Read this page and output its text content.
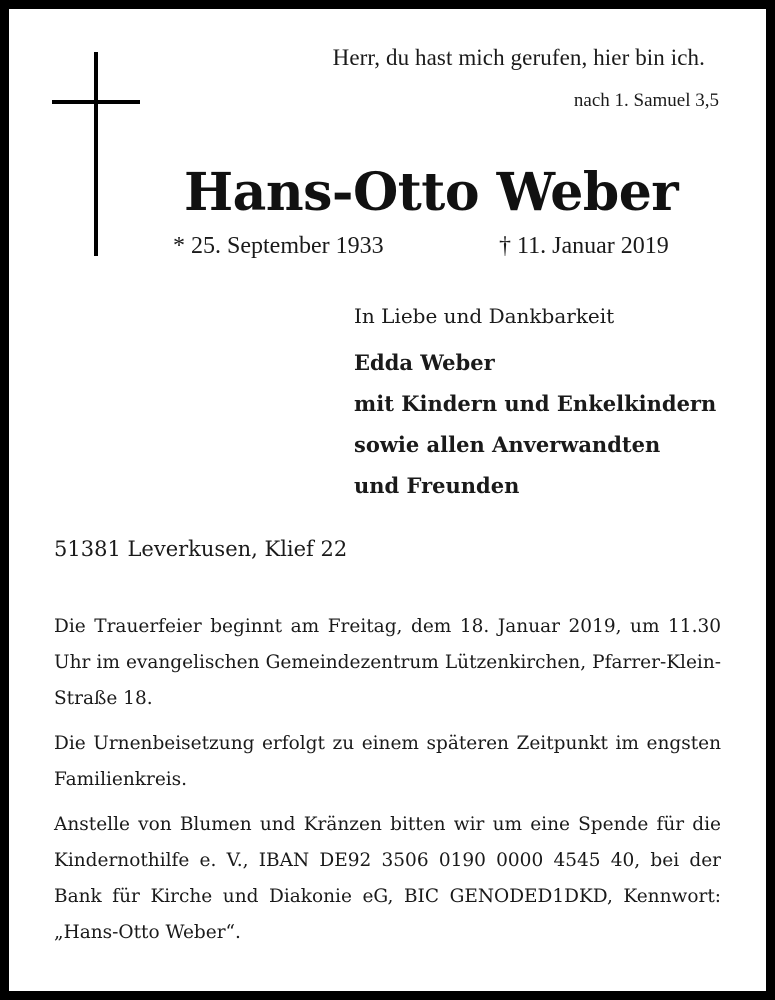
Herr, du hast mich gerufen, hier bin ich.
nach 1. Samuel 3,5
Hans-Otto Weber
* 25. September 1933	† 11. Januar 2019
In Liebe und Dankbarkeit
Edda Weber
mit Kindern und Enkelkindern
sowie allen Anverwandten
und Freunden
51381 Leverkusen, Klief 22

Die Trauerfeier beginnt am Freitag, dem 18. Januar 2019, um 11.30 Uhr im evangelischen Gemeindezentrum Lützenkirchen, Pfarrer-Klein-Straße 18.

Die Urnenbeisetzung erfolgt zu einem späteren Zeitpunkt im engsten Familienkreis.

Anstelle von Blumen und Kränzen bitten wir um eine Spende für die Kindernothilfe e. V., IBAN DE92 3506 0190 0000 4545 40, bei der Bank für Kirche und Diakonie eG, BIC GENODED1DKD, Kennwort: „Hans-Otto Weber“.
